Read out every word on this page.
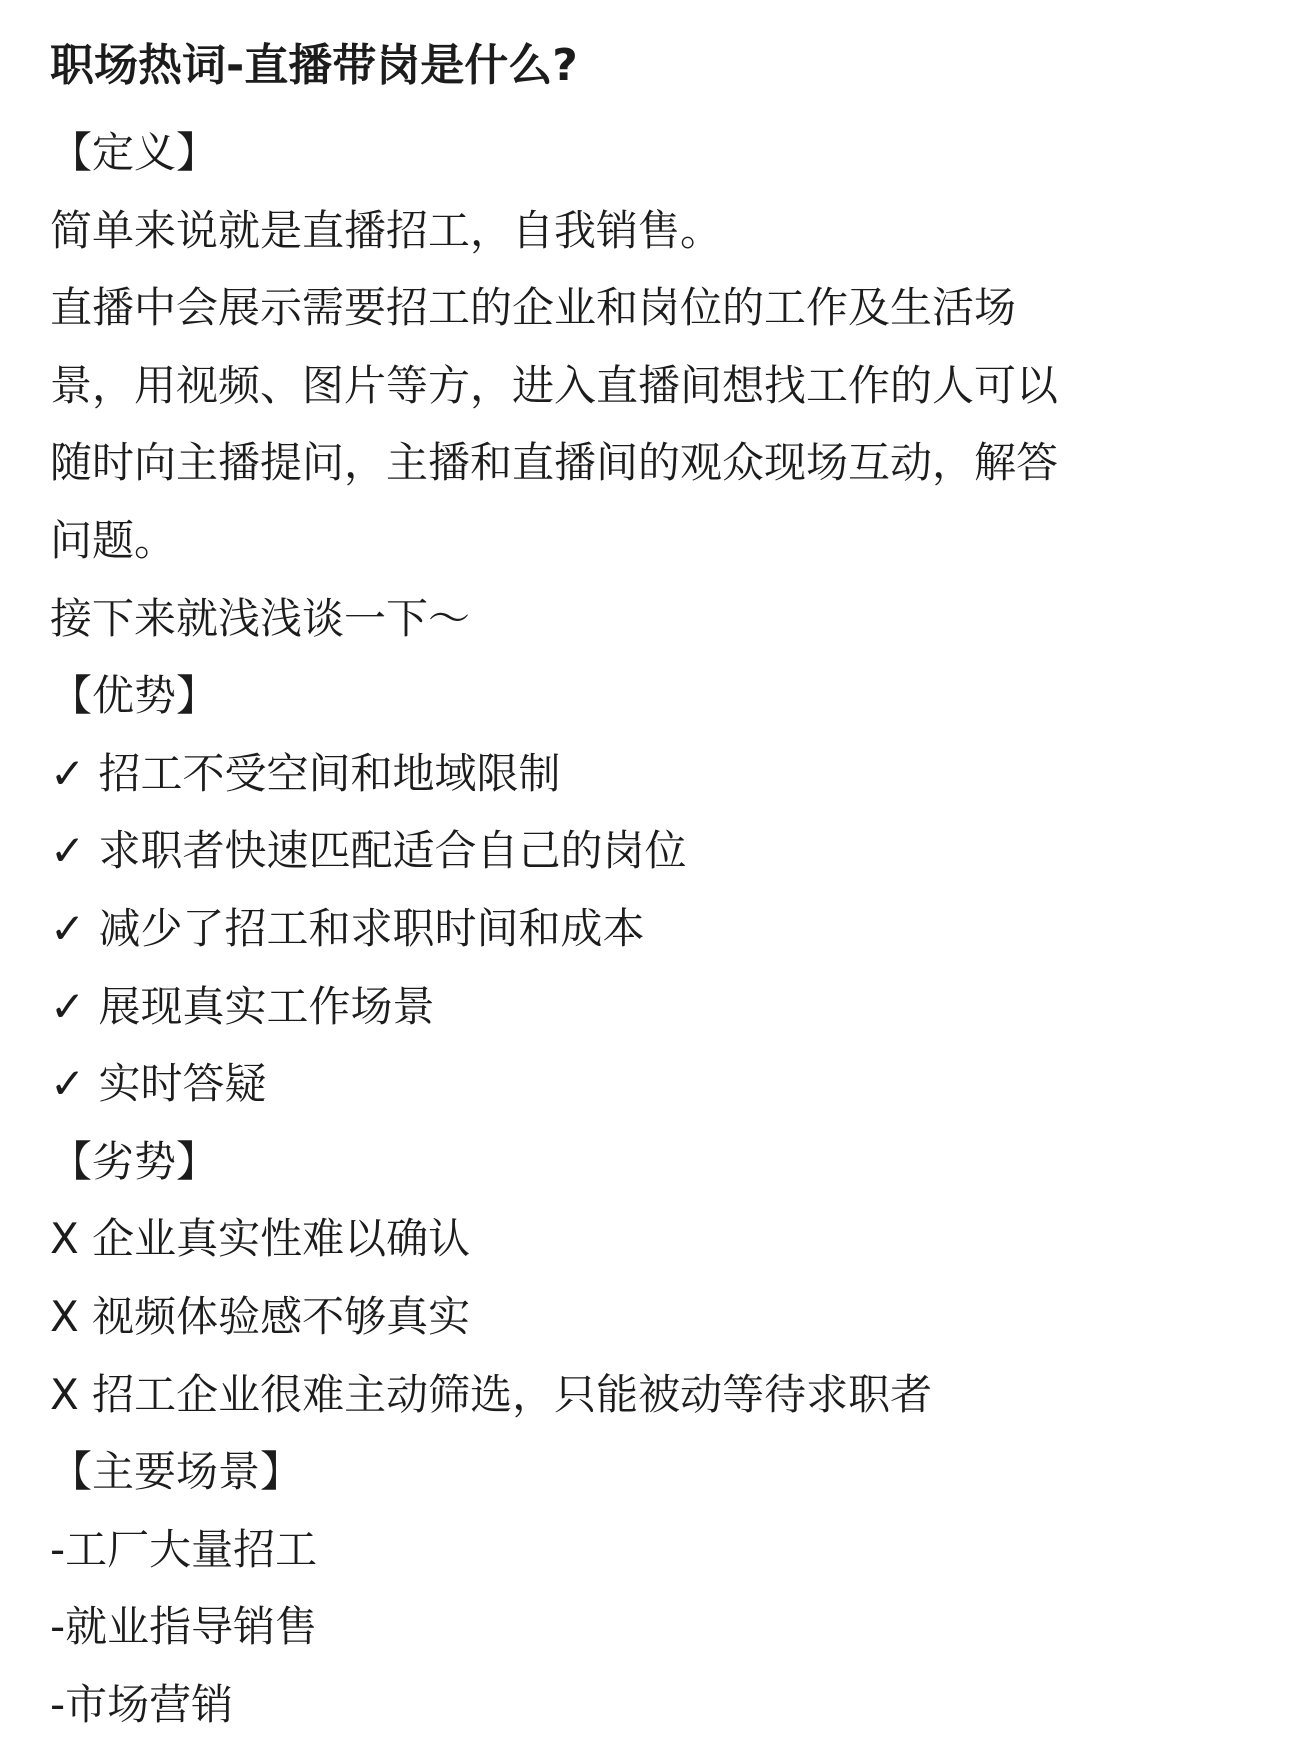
职场热词-直播带岗是什么?
【定义】
简单来说就是直播招工，自我销售。
直播中会展示需要招工的企业和岗位的工作及生活场
景，用视频、图片等方，进入直播间想找工作的人可以
随时向主播提问，主播和直播间的观众现场互动，解答
问题。
接下来就浅浅谈一下～
【优势】
✓ 招工不受空间和地域限制
✓ 求职者快速匹配适合自己的岗位
✓ 减少了招工和求职时间和成本
✓ 展现真实工作场景
✓ 实时答疑
【劣势】
X 企业真实性难以确认
X 视频体验感不够真实
X 招工企业很难主动筛选，只能被动等待求职者
【主要场景】
-工厂大量招工
-就业指导销售
-市场营销
